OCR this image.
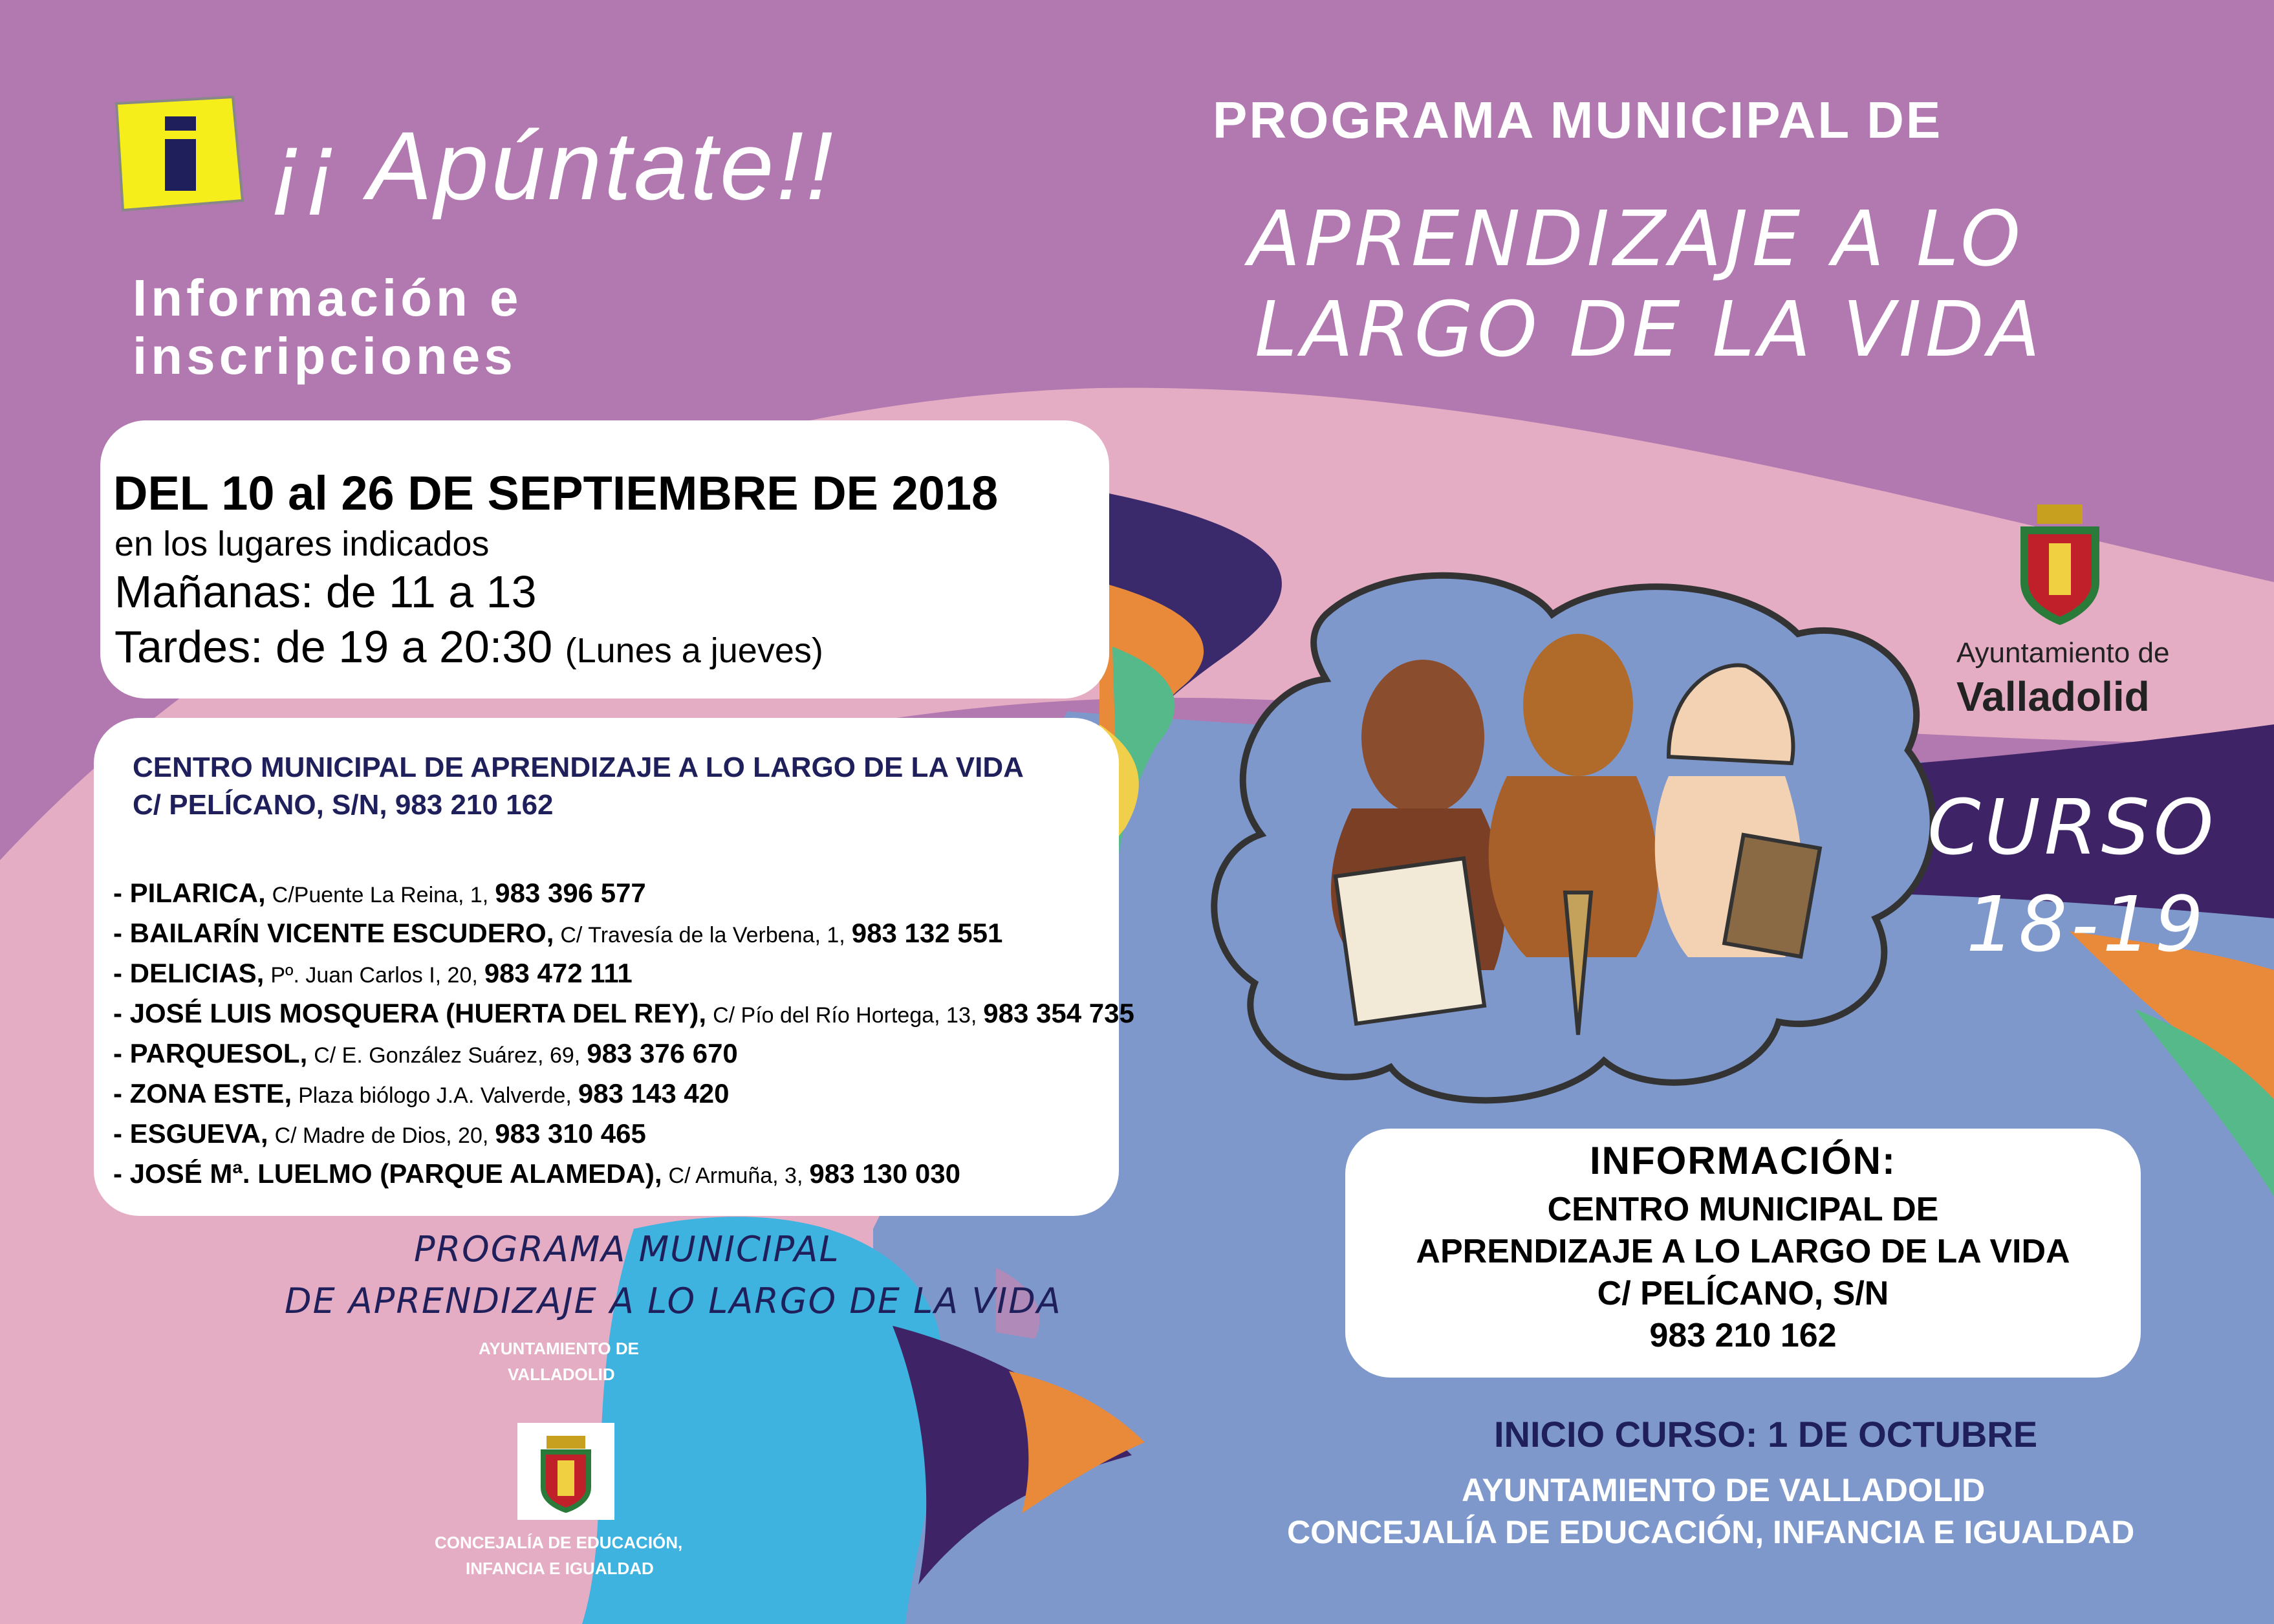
¡¡ Apúntate!!
Información e
inscripciones
PROGRAMA MUNICIPAL DE
APRENDIZAJE A LO
LARGO DE LA VIDA
DEL 10 al 26 DE SEPTIEMBRE DE 2018
en los lugares indicados
Mañanas: de 11 a 13
Tardes: de 19 a 20:30 (Lunes a jueves)
CENTRO MUNICIPAL DE APRENDIZAJE A LO LARGO DE LA VIDA
C/ PELÍCANO, S/N, 983 210 162
- PILARICA, C/Puente La Reina, 1, 983 396 577
- BAILARÍN VICENTE ESCUDERO, C/ Travesía de la Verbena, 1, 983 132 551
- DELICIAS, Pº. Juan Carlos I, 20, 983 472 111
- JOSÉ LUIS MOSQUERA (HUERTA DEL REY), C/ Pío del Río Hortega, 13, 983 354 735
- PARQUESOL, C/ E. González Suárez, 69, 983 376 670
- ZONA ESTE, Plaza biólogo J.A. Valverde, 983 143 420
- ESGUEVA, C/ Madre de Dios, 20, 983 310 465
- JOSÉ Mª. LUELMO (PARQUE ALAMEDA), C/ Armuña, 3, 983 130 030
PROGRAMA MUNICIPAL
DE APRENDIZAJE A LO LARGO DE LA VIDA
AYUNTAMIENTO DE
VALLADOLID
CONCEJALÍA DE EDUCACIÓN,
INFANCIA E IGUALDAD
Ayuntamiento de
Valladolid
CURSO
18-19
INFORMACIÓN:
CENTRO MUNICIPAL DE
APRENDIZAJE A LO LARGO DE LA VIDA
C/ PELÍCANO, S/N
983 210 162
INICIO CURSO: 1 DE OCTUBRE
AYUNTAMIENTO DE VALLADOLID
CONCEJALÍA DE EDUCACIÓN, INFANCIA E IGUALDAD
